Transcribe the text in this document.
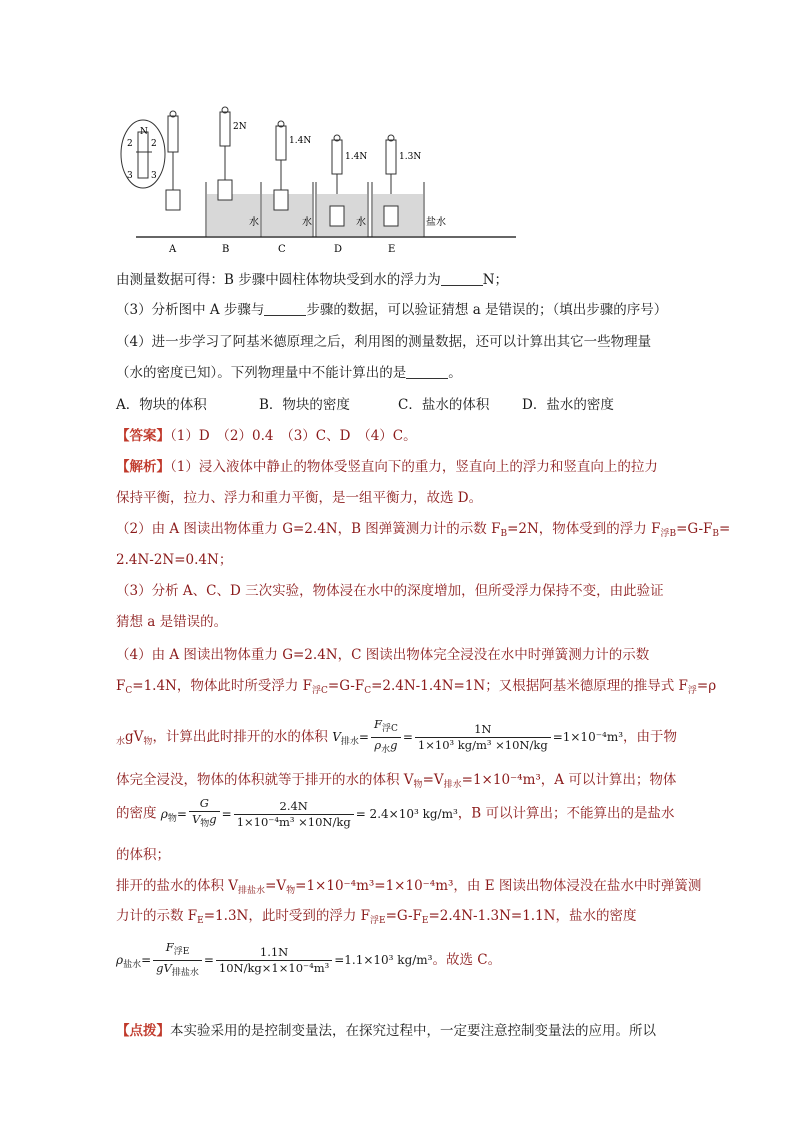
N
2
3
2
3
2N
1.4N
水
1.4N
水
1.3N
水	盐水
A	B	C	D	E
由测量数据可得：B 步骤中圆柱体物块受到水的浮力为	N；
（3）分析图中 A 步骤与	步骤的数据，可以验证猜想 a 是错误的；（填出步骤的序号）
（4）进一步学习了阿基米德原理之后，利用图的测量数据，还可以计算出其它一些物理量
（水的密度已知）。下列物理量中不能计算出的是	。
A．物块的体积	B．物块的密度	C．盐水的体积 D．盐水的密度
【答案】（1）D　（2）0.4　（3）C、D　（4）C。
【解析】（1）浸入液体中静止的物体受竖直向下的重力，竖直向上的浮力和竖直向上的拉力
保持平衡，拉力、浮力和重力平衡，是一组平衡力，故选 D。
（2）由 A 图读出物体重力 G=2.4N，B 图弹簧测力计的示数 $F_B=2N$，物体受到的浮力 $F_{浮B}=G-F_B=$
2.4N-2N=0.4N；
（3）分析 A、C、D 三次实验，物体浸在水中的深度增加，但所受浮力保持不变，由此验证
猜想 a 是错误的。
（4）由 A 图读出物体重力 G=2.4N，C 图读出物体完全浸没在水中时弹簧测力计的示数
$F_C=1.4N$，物体此时所受浮力 $F_{浮C}=G-F_C=2.4N-1.4N=1N$；又根据阿基米德原理的推导式 $F_浮=\rho$
$_水gV_物$，计算出此时排开的水的体积 $V_{排水}= \frac{F_{浮C}}{\rho_水g} = \frac{1N}{\text{1×10³ kg/m³ ×10N/kg}} =1\times 10^{-4}m^3$，由于物
体完全浸没，物体的体积就等于排开的水的体积 $V_物=V_{排水}=1\times 10^{-4}m^3$，A 可以计算出；物体
的密度 $\rho_物= \frac{G}{V_物g} = \frac{2.4N}{\text{1×10⁻⁴m³ ×10N/kg}} = 2.4\times 10^3$ kg/m³，B 可以计算出；不能算出的是盐水
的体积；
排开的盐水的体积 $V_{排盐水}=V_物=1\times 10^{-4}m^3=1\times 10^{-4}m^3$，由 E 图读出物体浸没在盐水中时弹簧测
力计的示数 $F_E=1.3N$，此时受到的浮力 $F_{浮E}=G-F_E=2.4N-1.3N=1.1N$，盐水的密度
$\rho_{盐水}= \frac{F_{浮E}}{gV_{排盐水}} = \frac{1.1N}{\text{10N/kg×1×10⁻⁴m³}} =1.1\times 10^3$ kg/m³。故选 C。
【点拨】本实验采用的是控制变量法，在探究过程中，一定要注意控制变量法的应用。所以
